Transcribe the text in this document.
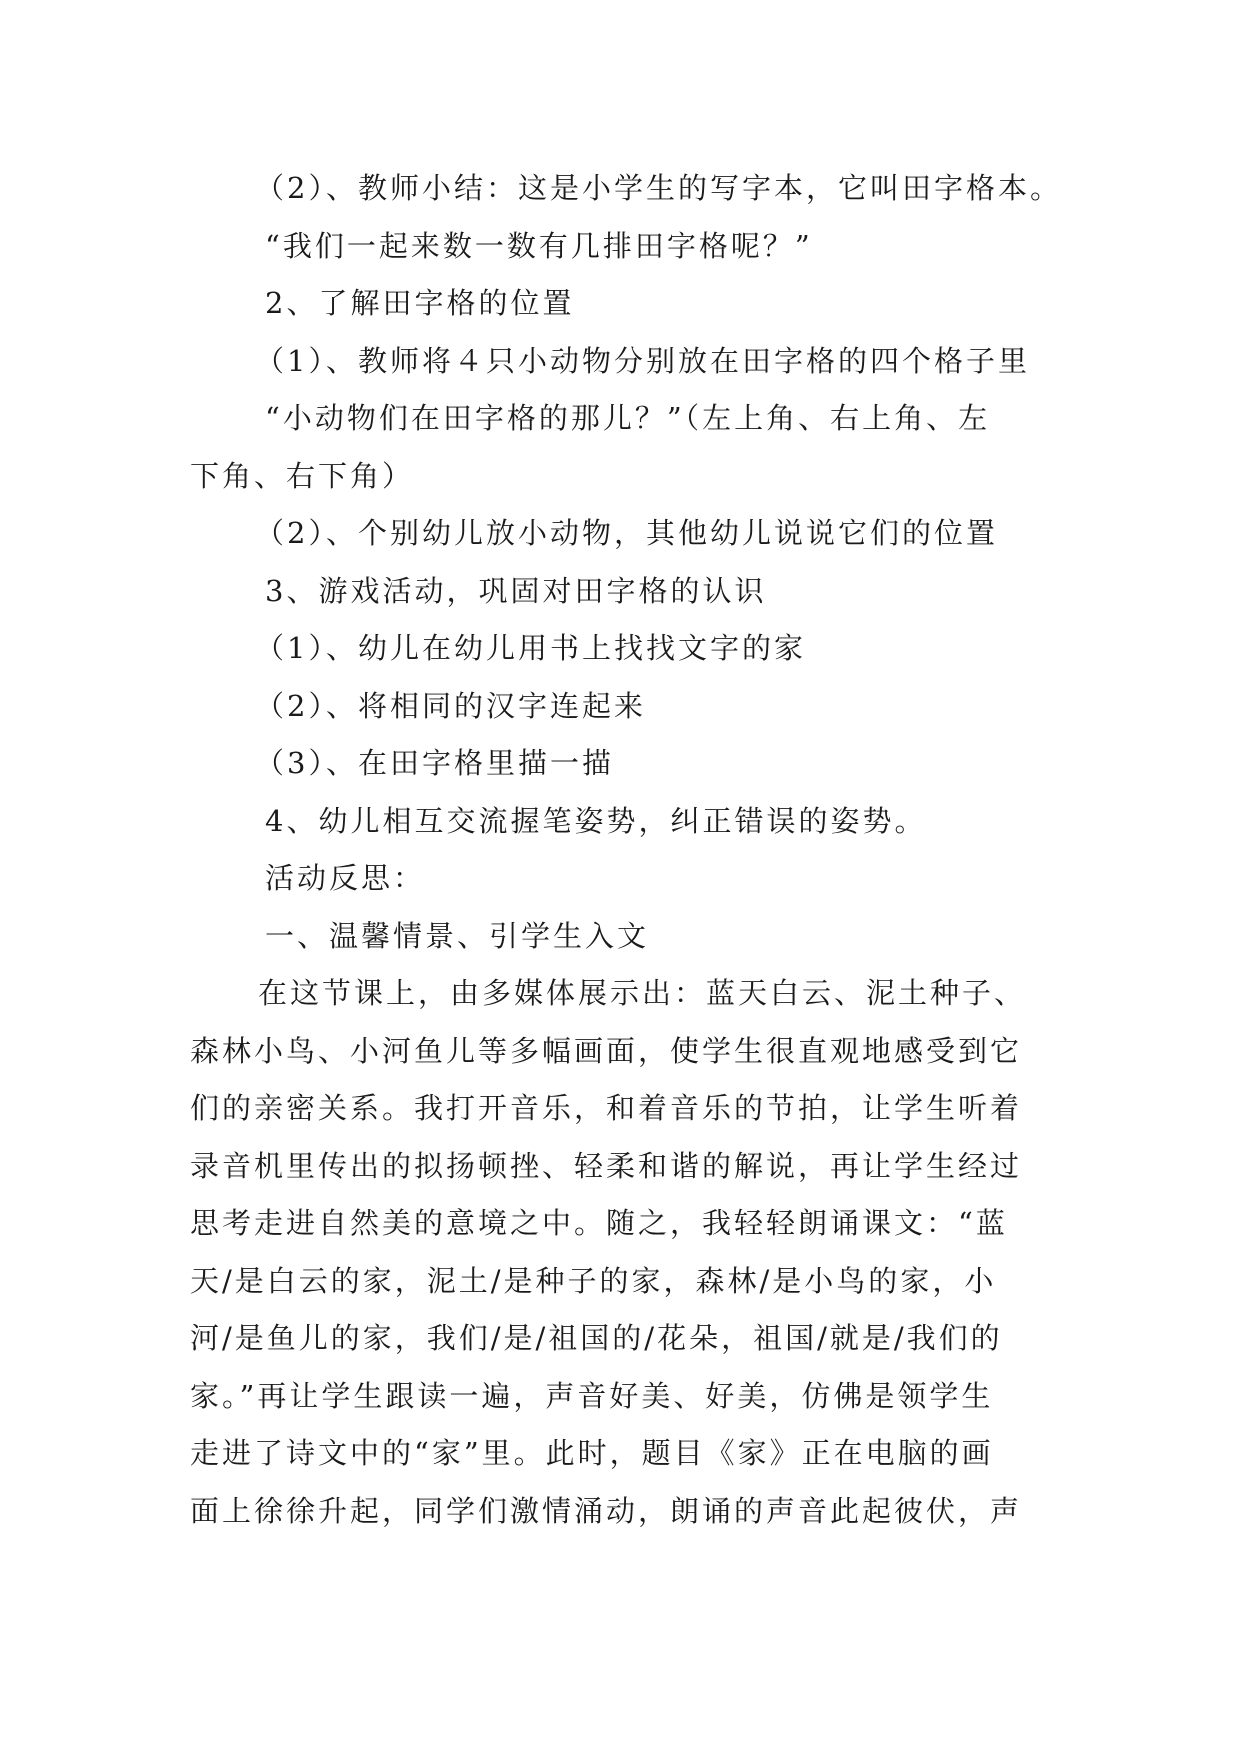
（2）、教师小结：这是小学生的写字本，它叫田字格本。
“我们一起来数一数有几排田字格呢？”
2、了解田字格的位置
（1）、教师将４只小动物分别放在田字格的四个格子里
“小动物们在田字格的那儿？”（左上角、右上角、左
下角、右下角）
（2）、个别幼儿放小动物，其他幼儿说说它们的位置
3、游戏活动，巩固对田字格的认识
（1）、幼儿在幼儿用书上找找文字的家
（2）、将相同的汉字连起来
（3）、在田字格里描一描
4、幼儿相互交流握笔姿势，纠正错误的姿势。
活动反思：
一、温馨情景、引学生入文
在这节课上，由多媒体展示出：蓝天白云、泥土种子、
森林小鸟、小河鱼儿等多幅画面，使学生很直观地感受到它
们的亲密关系。我打开音乐，和着音乐的节拍，让学生听着
录音机里传出的拟扬顿挫、轻柔和谐的解说，再让学生经过
思考走进自然美的意境之中。随之，我轻轻朗诵课文：“蓝
天/是白云的家，泥土/是种子的家，森林/是小鸟的家，小
河/是鱼儿的家，我们/是/祖国的/花朵，祖国/就是/我们的
家。”再让学生跟读一遍，声音好美、好美，仿佛是领学生
走进了诗文中的“家”里。此时，题目《家》正在电脑的画
面上徐徐升起，同学们激情涌动，朗诵的声音此起彼伏，声
